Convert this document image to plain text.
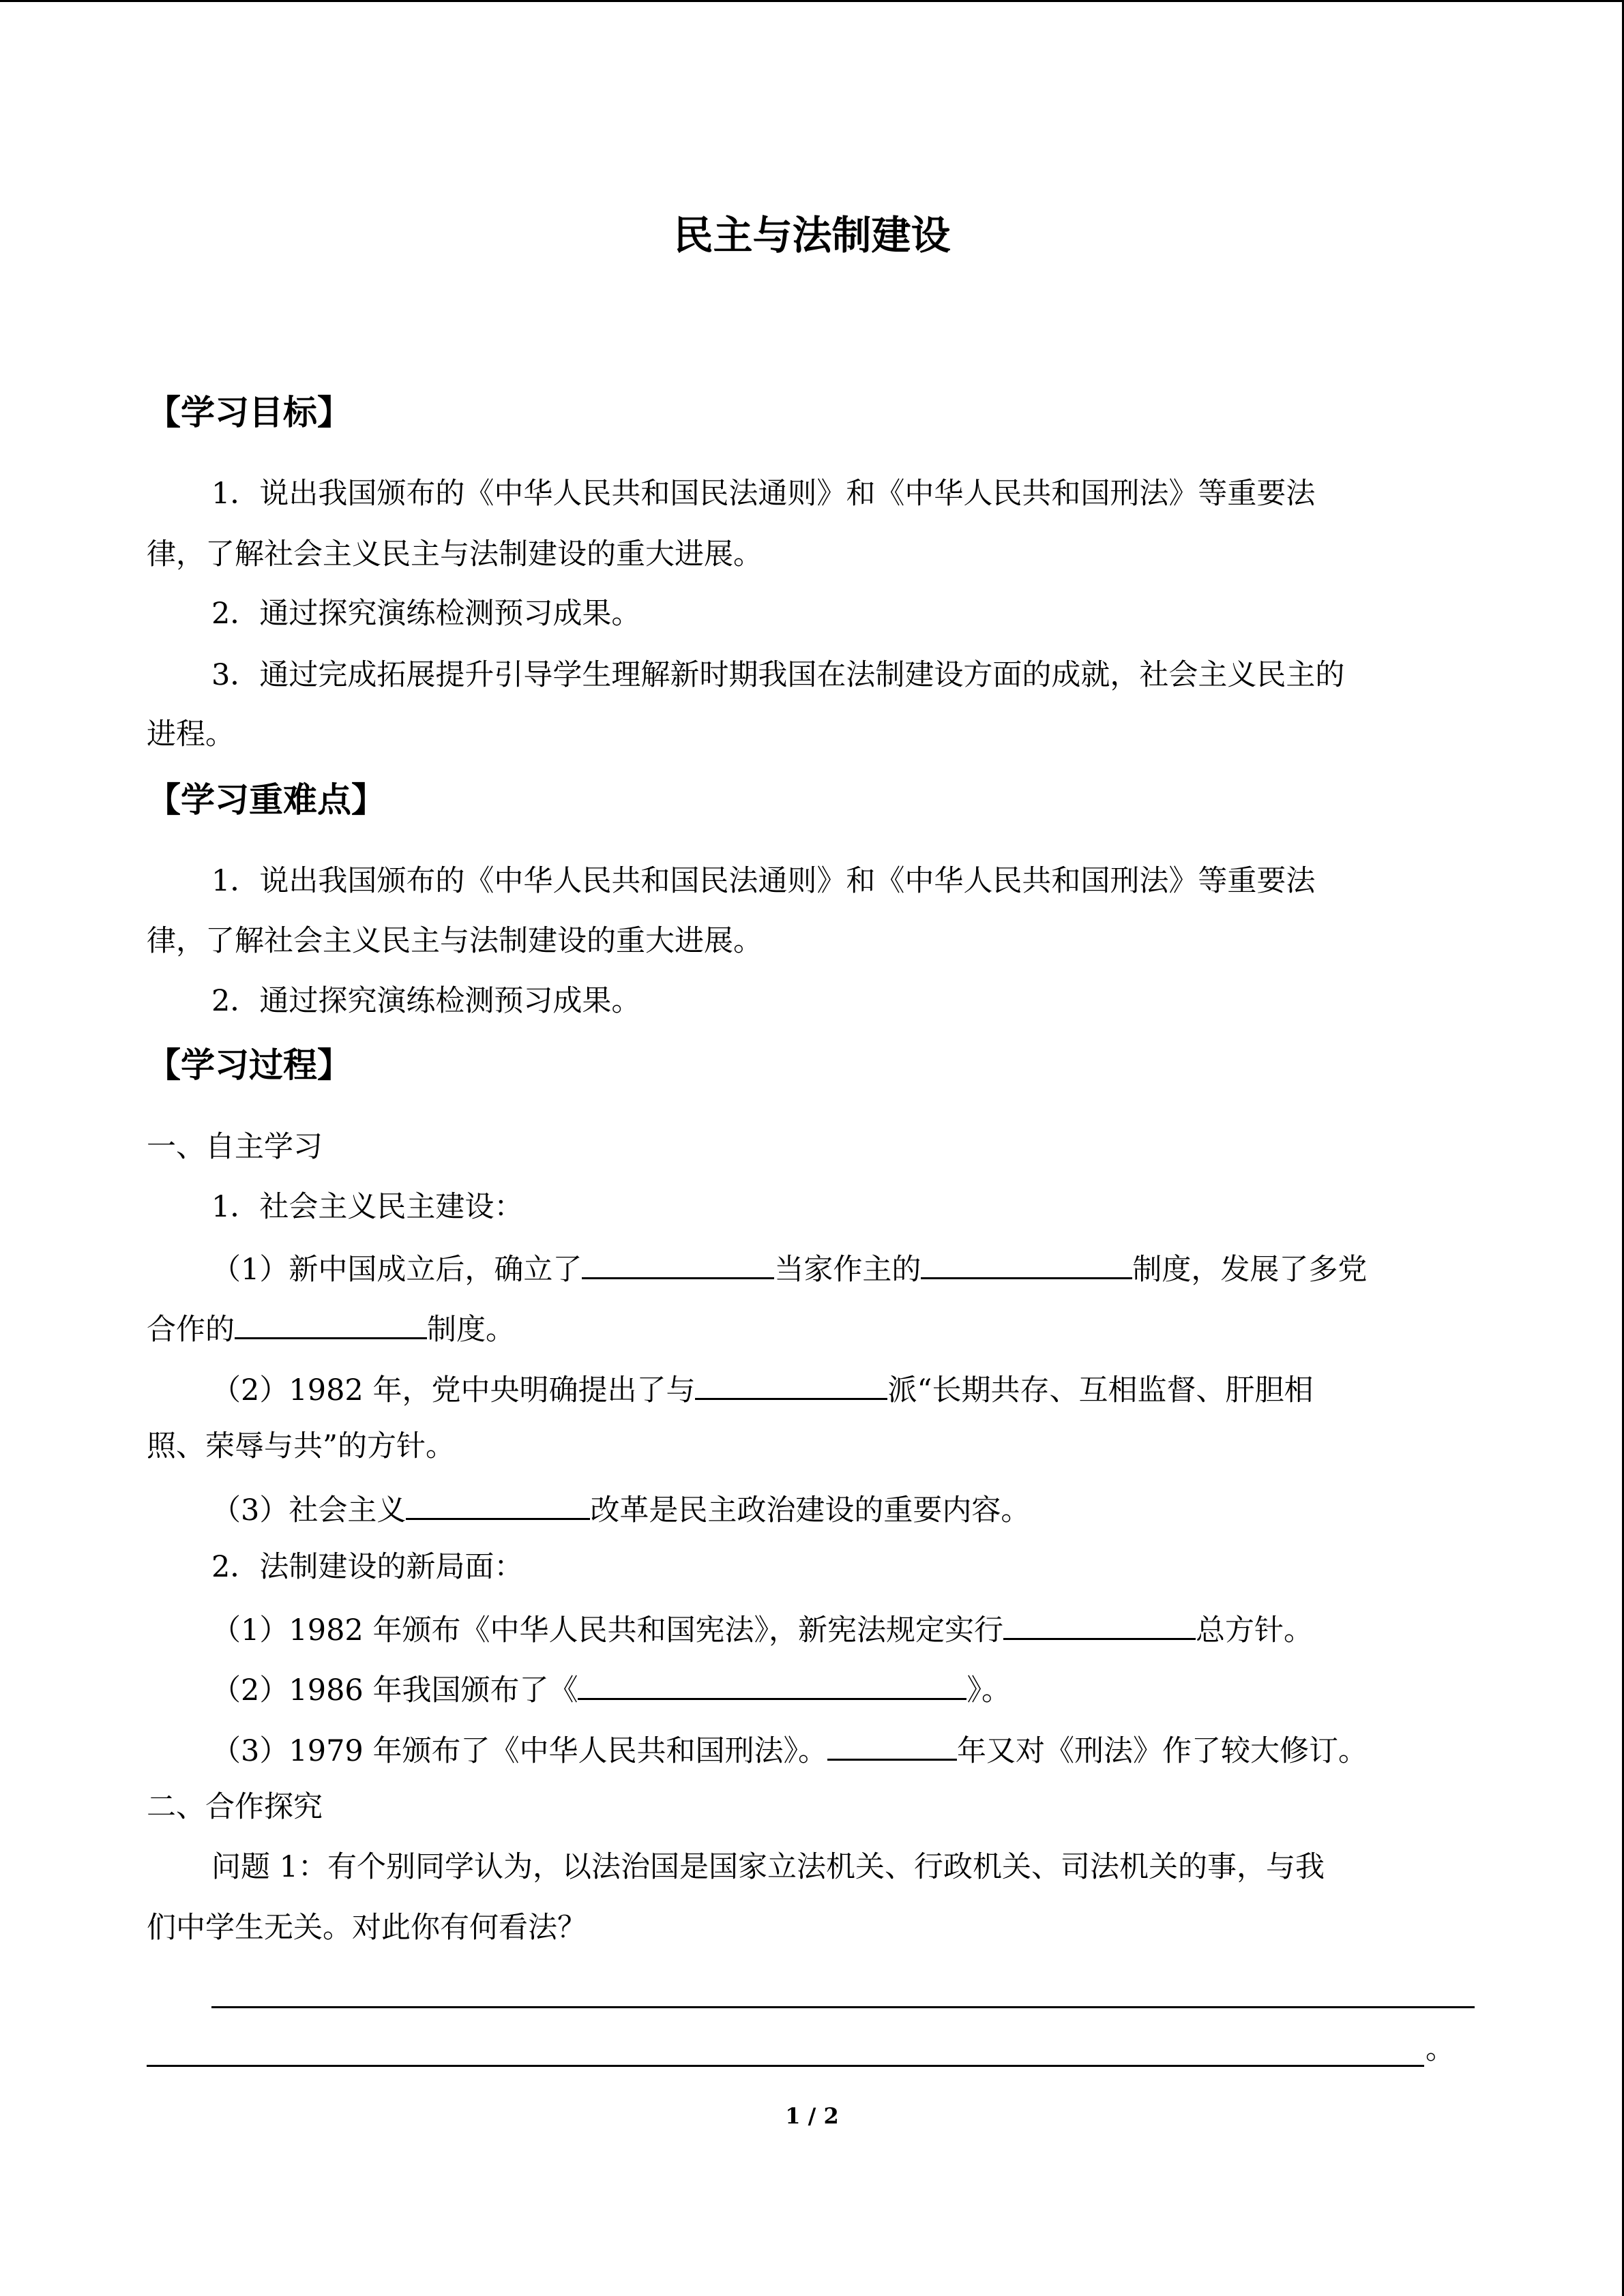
民主与法制建设
【学习目标】
1．说出我国颁布的《中华人民共和国民法通则》和《中华人民共和国刑法》等重要法
律，了解社会主义民主与法制建设的重大进展。
2．通过探究演练检测预习成果。
3．通过完成拓展提升引导学生理解新时期我国在法制建设方面的成就，社会主义民主的
进程。
【学习重难点】
1．说出我国颁布的《中华人民共和国民法通则》和《中华人民共和国刑法》等重要法
律，了解社会主义民主与法制建设的重大进展。
2．通过探究演练检测预习成果。
【学习过程】
一、自主学习
1．社会主义民主建设：
（1）新中国成立后，确立了	当家作主的	制度，发展了多党
合作的	制度。
（2）1982 年，党中央明确提出了与	派“长期共存、互相监督、肝胆相
照、荣辱与共”的方针。
（3）社会主义	改革是民主政治建设的重要内容。
2．法制建设的新局面：
（1）1982 年颁布《中华人民共和国宪法》，新宪法规定实行	总方针。
（2）1986 年我国颁布了《	》。
（3）1979 年颁布了《中华人民共和国刑法》。	年又对《刑法》作了较大修订。
二、合作探究
问题 1：有个别同学认为，以法治国是国家立法机关、行政机关、司法机关的事，与我
们中学生无关。对此你有何看法？
。
1 / 2
